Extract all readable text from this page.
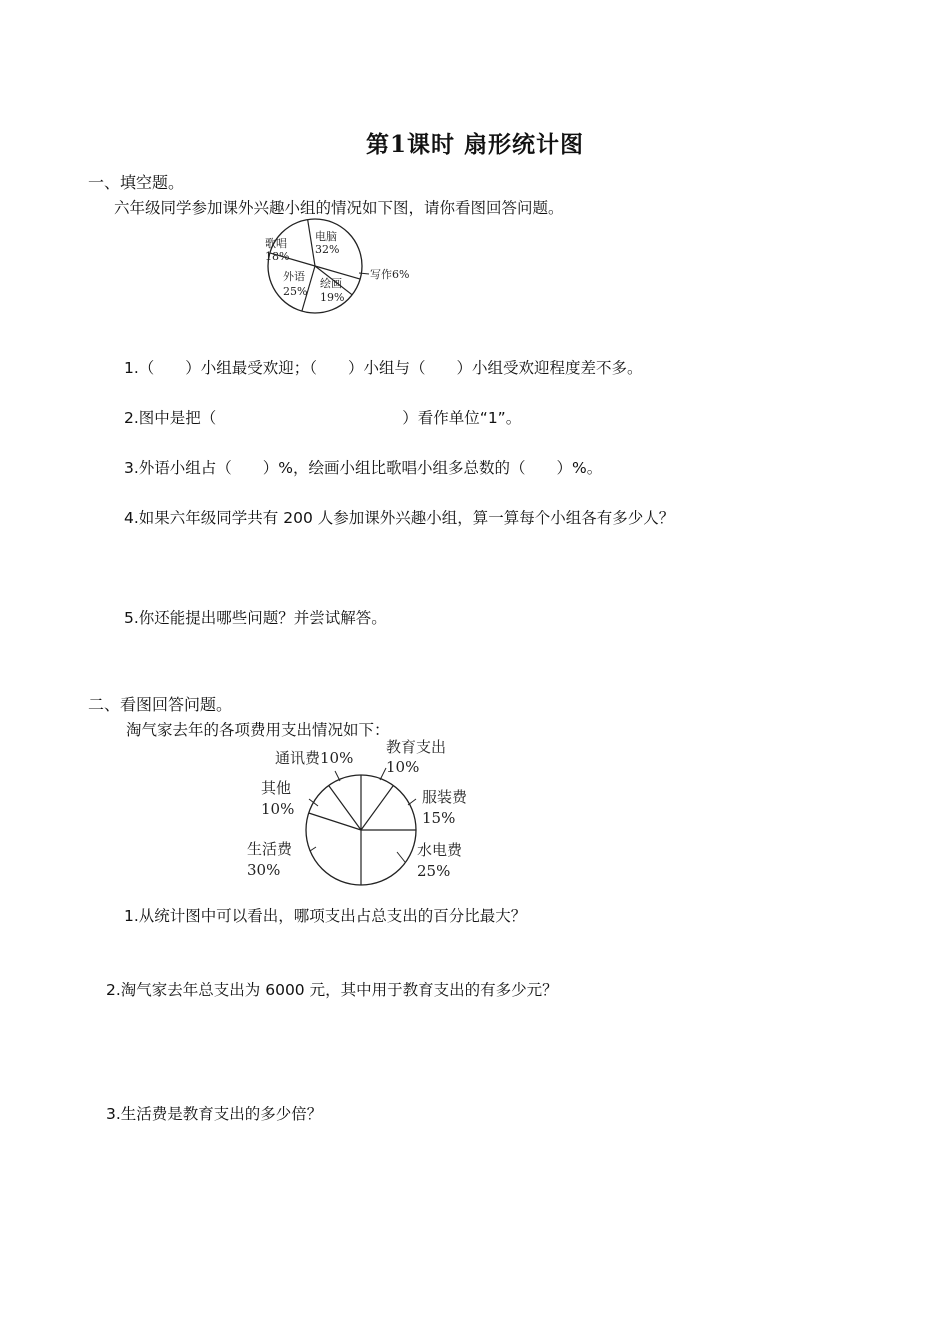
第1课时 扇形统计图
一、填空题。
六年级同学参加课外兴趣小组的情况如下图，请你看图回答问题。
歌唱
18%
电脑
32%
外语
25%
绘画
19%
写作6%
1.（　　）小组最受欢迎；（　　）小组与（　　）小组受欢迎程度差不多。
2.图中是把（　　　　　　　　　　　　）看作单位“1”。
3.外语小组占（　　）%，绘画小组比歌唱小组多总数的（　　）%。
4.如果六年级同学共有 200 人参加课外兴趣小组，算一算每个小组各有多少人？
5.你还能提出哪些问题？并尝试解答。
二、看图回答问题。
淘气家去年的各项费用支出情况如下：
通讯费10%
教育支出
10%
服装费
15%
水电费
25%
生活费
30%
其他
10%
1.从统计图中可以看出，哪项支出占总支出的百分比最大？
2.淘气家去年总支出为 6000 元，其中用于教育支出的有多少元？
3.生活费是教育支出的多少倍？
